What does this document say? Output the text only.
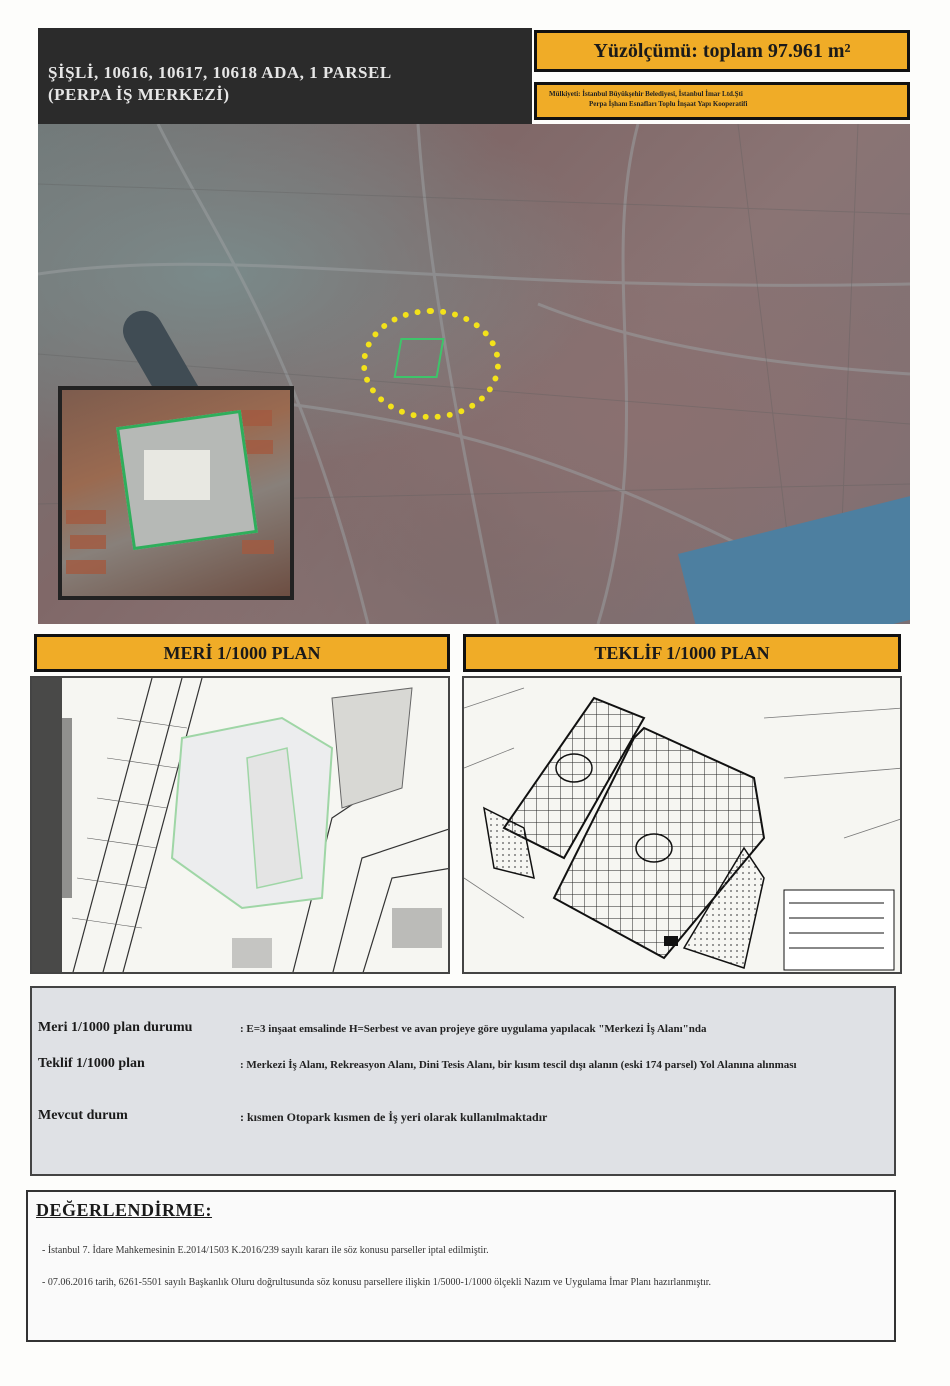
ŞİŞLİ, 10616, 10617, 10618 ADA, 1 PARSEL
(PERPA İŞ MERKEZİ)
Yüzölçümü: toplam 97.961 m²
Mülkiyeti: İstanbul Büyükşehir Belediyesi, İstanbul İmar Ltd.Şti
Perpa İşhanı Esnafları Toplu İnşaat Yapı Kooperatifi
MERİ 1/1000 PLAN	TEKLİF 1/1000 PLAN
Meri 1/1000 plan durumu	: E=3 inşaat emsalinde H=Serbest ve avan projeye göre uygulama yapılacak "Merkezi İş Alanı"nda
Teklif 1/1000 plan	: Merkezi İş Alanı, Rekreasyon Alanı, Dini Tesis Alanı, bir kısım tescil dışı alanın (eski 174 parsel) Yol Alanına alınması
Mevcut durum	: kısmen Otopark kısmen de İş yeri olarak kullanılmaktadır
DEĞERLENDİRME:
- İstanbul 7. İdare Mahkemesinin E.2014/1503 K.2016/239 sayılı kararı ile söz konusu parseller iptal edilmiştir.
- 07.06.2016 tarih, 6261-5501 sayılı Başkanlık Oluru doğrultusunda söz konusu parsellere ilişkin 1/5000-1/1000 ölçekli Nazım ve Uygulama İmar Planı hazırlanmıştır.
